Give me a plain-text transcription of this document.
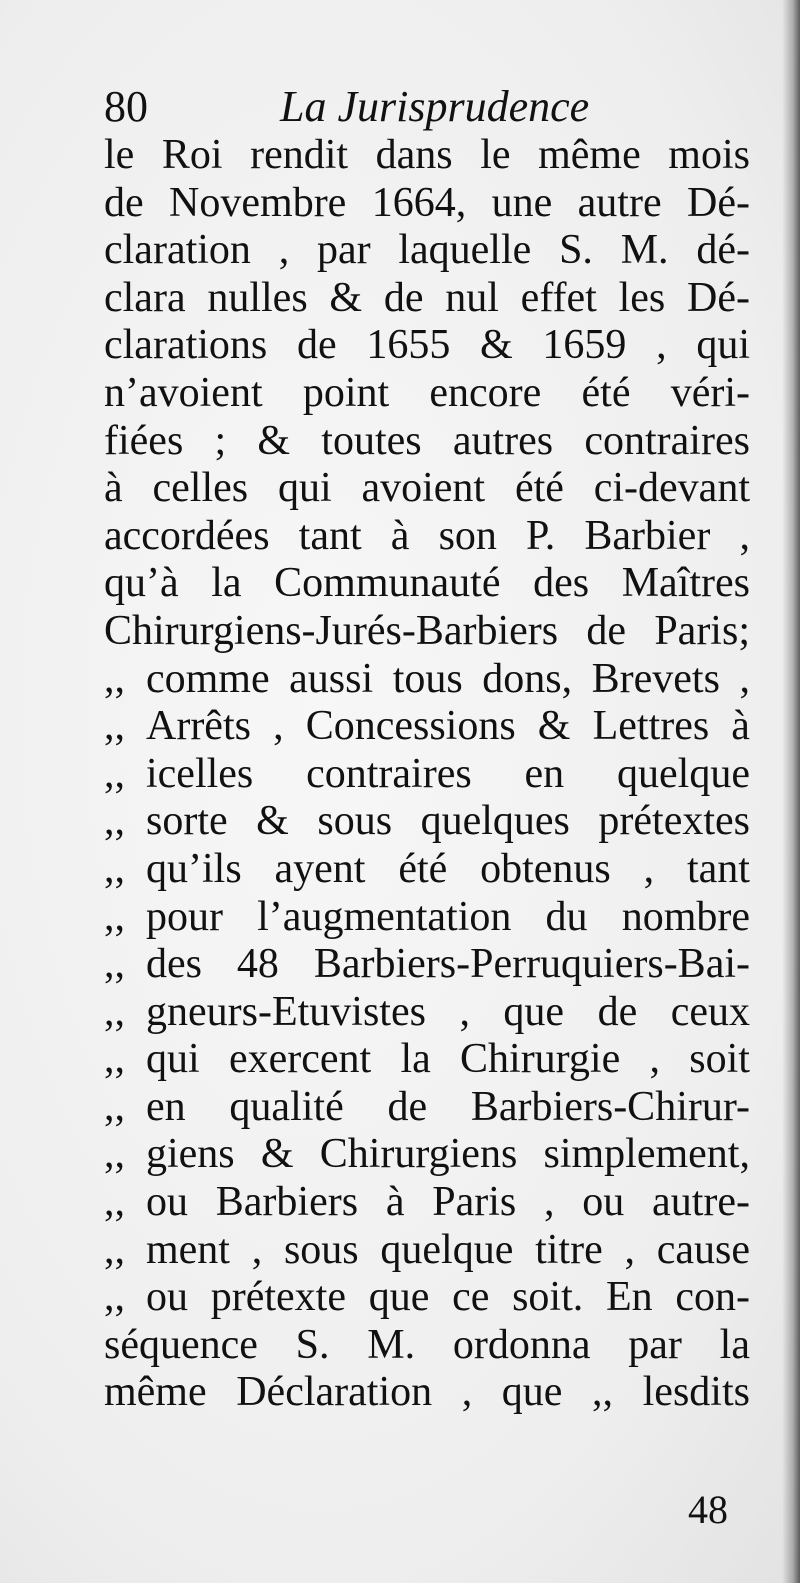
80	La Jurisprudence
le Roi rendit dans le même mois
de Novembre 1664, une autre Dé-
claration , par laquelle S. M. dé-
clara nulles & de nul effet les Dé-
clarations de 1655 & 1659 , qui
n’avoient point encore été véri-
fiées ; & toutes autres contraires
à celles qui avoient été ci-devant
accordées tant à son P. Barbier ,
qu’à la Communauté des Maîtres
Chirurgiens-Jurés-Barbiers de Paris;
,, comme aussi tous dons, Brevets ,
,, Arrêts , Concessions & Lettres à
,, icelles contraires en quelque
,, sorte & sous quelques prétextes
,, qu’ils ayent été obtenus , tant
,, pour l’augmentation du nombre
,, des 48 Barbiers-Perruquiers-Bai-
,, gneurs-Etuvistes , que de ceux
,, qui exercent la Chirurgie , soit
,, en qualité de Barbiers-Chirur-
,, giens & Chirurgiens simplement,
,, ou Barbiers à Paris , ou autre-
,, ment , sous quelque titre , cause
,, ou prétexte que ce soit. En con-
séquence S. M. ordonna par la
même Déclaration , que ,, lesdits
48
